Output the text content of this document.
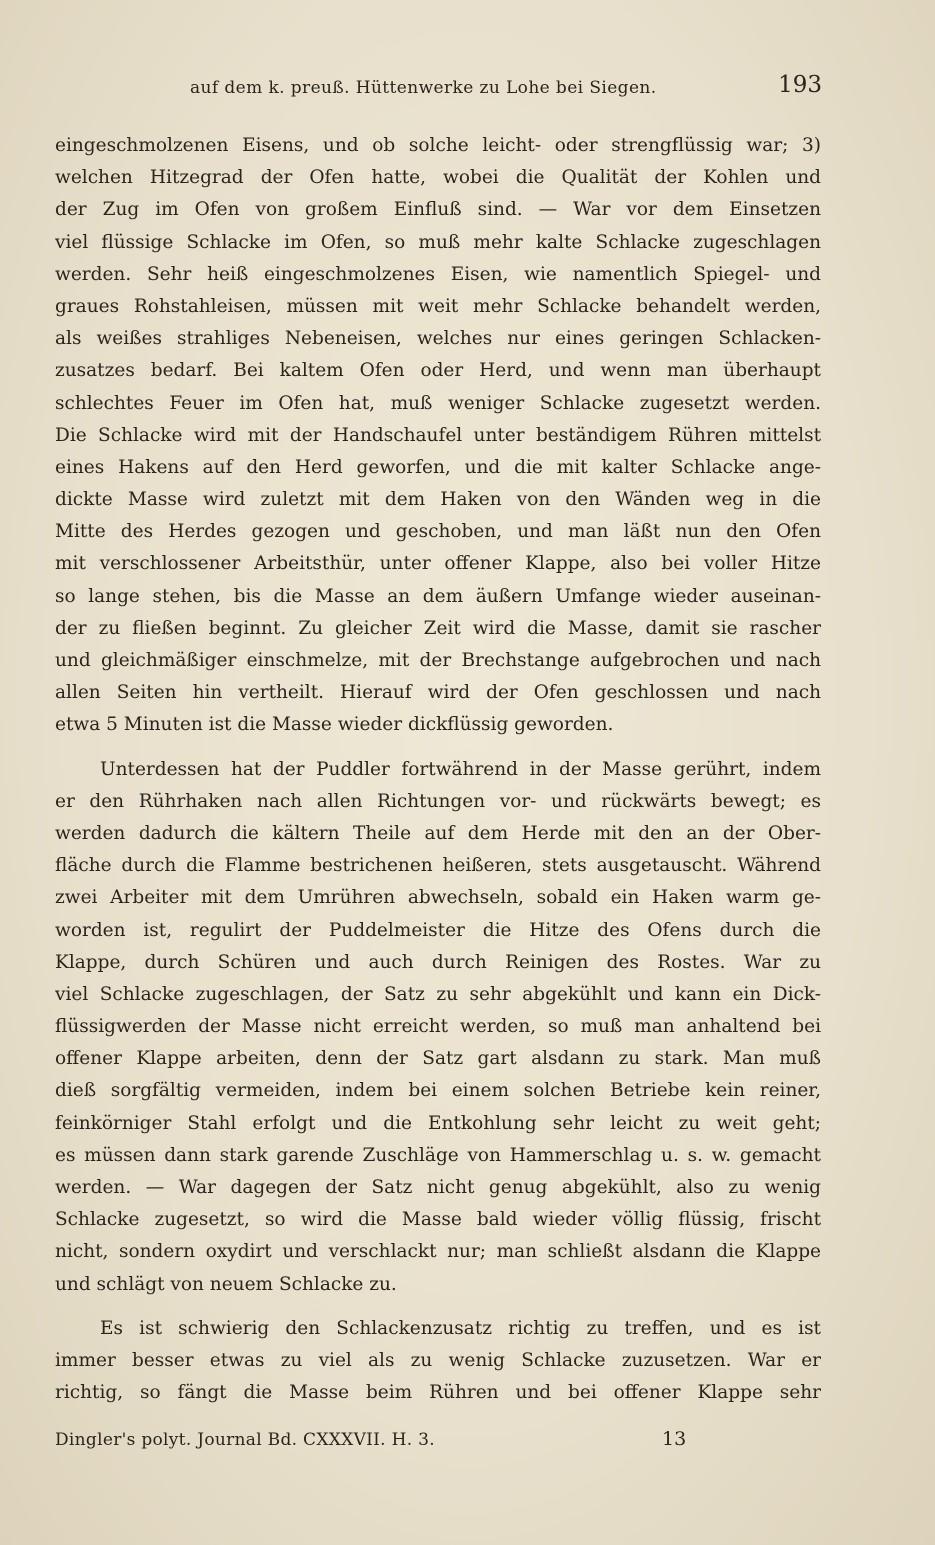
auf dem k. preuß. Hüttenwerke zu Lohe bei Siegen.	193
eingeschmolzenen Eisens, und ob solche leicht- oder strengflüssig war; 3)
welchen Hitzegrad der Ofen hatte, wobei die Qualität der Kohlen und
der Zug im Ofen von großem Einfluß sind. — War vor dem Einsetzen
viel flüssige Schlacke im Ofen, so muß mehr kalte Schlacke zugeschlagen
werden. Sehr heiß eingeschmolzenes Eisen, wie namentlich Spiegel- und
graues Rohstahleisen, müssen mit weit mehr Schlacke behandelt werden,
als weißes strahliges Nebeneisen, welches nur eines geringen Schlacken-
zusatzes bedarf. Bei kaltem Ofen oder Herd, und wenn man überhaupt
schlechtes Feuer im Ofen hat, muß weniger Schlacke zugesetzt werden.
Die Schlacke wird mit der Handschaufel unter beständigem Rühren mittelst
eines Hakens auf den Herd geworfen, und die mit kalter Schlacke ange-
dickte Masse wird zuletzt mit dem Haken von den Wänden weg in die
Mitte des Herdes gezogen und geschoben, und man läßt nun den Ofen
mit verschlossener Arbeitsthür, unter offener Klappe, also bei voller Hitze
so lange stehen, bis die Masse an dem äußern Umfange wieder auseinan-
der zu fließen beginnt. Zu gleicher Zeit wird die Masse, damit sie rascher
und gleichmäßiger einschmelze, mit der Brechstange aufgebrochen und nach
allen Seiten hin vertheilt. Hierauf wird der Ofen geschlossen und nach
etwa 5 Minuten ist die Masse wieder dickflüssig geworden.
Unterdessen hat der Puddler fortwährend in der Masse gerührt, indem
er den Rührhaken nach allen Richtungen vor- und rückwärts bewegt; es
werden dadurch die kältern Theile auf dem Herde mit den an der Ober-
fläche durch die Flamme bestrichenen heißeren, stets ausgetauscht. Während
zwei Arbeiter mit dem Umrühren abwechseln, sobald ein Haken warm ge-
worden ist, regulirt der Puddelmeister die Hitze des Ofens durch die
Klappe, durch Schüren und auch durch Reinigen des Rostes. War zu
viel Schlacke zugeschlagen, der Satz zu sehr abgekühlt und kann ein Dick-
flüssigwerden der Masse nicht erreicht werden, so muß man anhaltend bei
offener Klappe arbeiten, denn der Satz gart alsdann zu stark. Man muß
dieß sorgfältig vermeiden, indem bei einem solchen Betriebe kein reiner,
feinkörniger Stahl erfolgt und die Entkohlung sehr leicht zu weit geht;
es müssen dann stark garende Zuschläge von Hammerschlag u. s. w. gemacht
werden. — War dagegen der Satz nicht genug abgekühlt, also zu wenig
Schlacke zugesetzt, so wird die Masse bald wieder völlig flüssig, frischt
nicht, sondern oxydirt und verschlackt nur; man schließt alsdann die Klappe
und schlägt von neuem Schlacke zu.
Es ist schwierig den Schlackenzusatz richtig zu treffen, und es ist
immer besser etwas zu viel als zu wenig Schlacke zuzusetzen. War er
richtig, so fängt die Masse beim Rühren und bei offener Klappe sehr
Dingler's polyt. Journal Bd. CXXXVII. H. 3.	13
